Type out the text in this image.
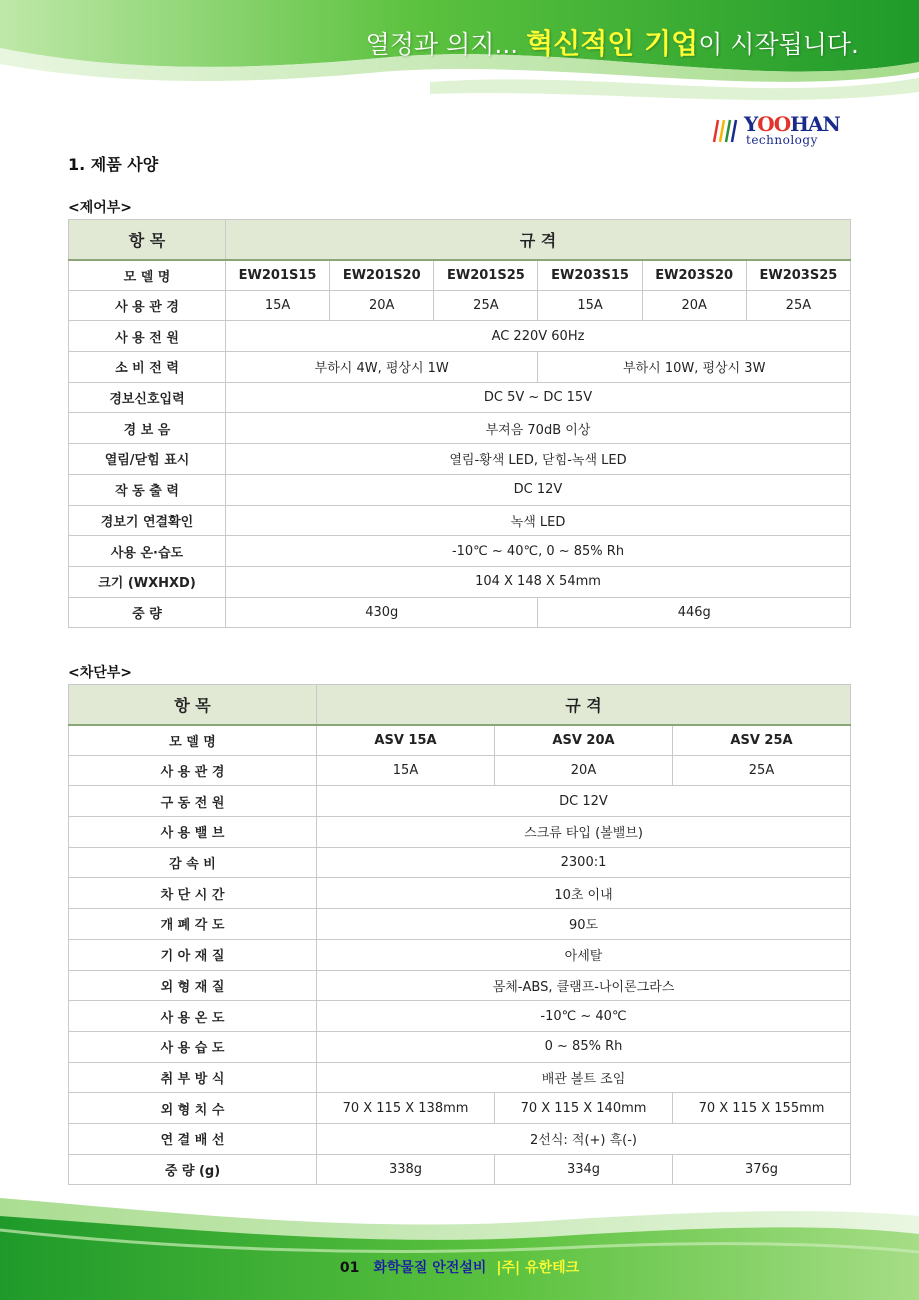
열정과 의지... 혁신적인 기업이 시작됩니다.
YOOHAN
technology
1. 제품 사양
<제어부>
항 목	규 격					
모 델 명	EW201S15	EW201S20	EW201S25	EW203S15	EW203S20	EW203S25
사 용 관 경	15A	20A	25A	15A	20A	25A
사 용 전 원	AC 220V 60Hz					
소 비 전 력	부하시 4W, 평상시 1W			부하시 10W, 평상시 3W		
경보신호입력	DC 5V ~ DC 15V					
경 보 음	부져음 70dB 이상					
열림/닫힘 표시	열림-황색 LED, 닫힘-녹색 LED					
작 동 출 력	DC 12V					
경보기 연결확인	녹색 LED					
사용 온·습도	-10℃ ~ 40℃, 0 ~ 85% Rh					
크기 (WXHXD)	104 X 148 X 54mm					
중 량	430g			446g		
<차단부>
항 목	규 격		
모 델 명	ASV 15A	ASV 20A	ASV 25A
사 용 관 경	15A	20A	25A
구 동 전 원	DC 12V		
사 용 밸 브	스크류 타입 (볼밸브)		
감 속 비	2300:1		
차 단 시 간	10초 이내		
개 폐 각 도	90도		
기 아 재 질	아세탈		
외 형 재 질	몸체-ABS, 클램프-나이론그라스		
사 용 온 도	-10℃ ~ 40℃		
사 용 습 도	0 ~ 85% Rh		
취 부 방 식	배관 볼트 조임		
외 형 치 수	70 X 115 X 138mm	70 X 115 X 140mm	70 X 115 X 155mm
연 결 배 선	2선식: 적(+) 흑(-)		
중 량 (g)	338g	334g	376g
01 화학물질 안전설비 |주| 유한테크
